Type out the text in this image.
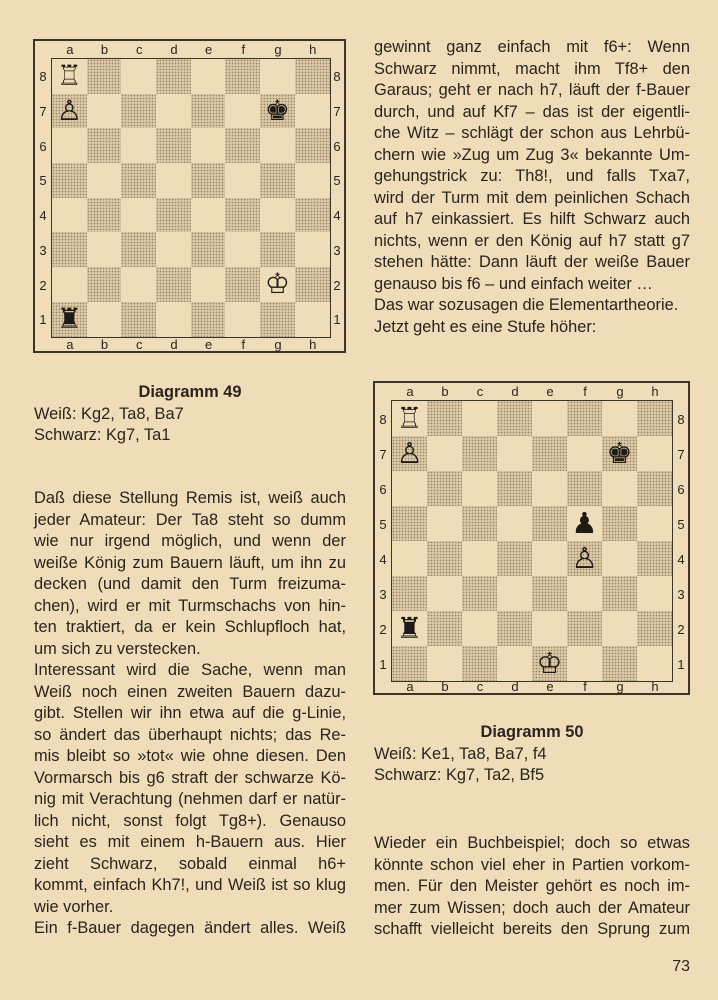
Diagramm 49
Weiß: Kg2, Ta8, Ba7
Schwarz: Kg7, Ta1
Diagramm 50
Weiß: Ke1, Ta8, Ba7, f4
Schwarz: Kg7, Ta2, Bf5
gewinnt ganz einfach mit f6+: Wenn
Schwarz nimmt, macht ihm Tf8+ den
Garaus; geht er nach h7, läuft der f-Bauer
durch, und auf Kf7 – das ist der eigentli-
che Witz – schlägt der schon aus Lehrbü-
chern wie »Zug um Zug 3« bekannte Um-
gehungstrick zu: Th8!, und falls Txa7,
wird der Turm mit dem peinlichen Schach
auf h7 einkassiert. Es hilft Schwarz auch
nichts, wenn er den König auf h7 statt g7
stehen hätte: Dann läuft der weiße Bauer
genauso bis f6 – und einfach weiter …
Das war sozusagen die Elementartheorie.
Jetzt geht es eine Stufe höher:
Daß diese Stellung Remis ist, weiß auch
jeder Amateur: Der Ta8 steht so dumm
wie nur irgend möglich, und wenn der
weiße König zum Bauern läuft, um ihn zu
decken (und damit den Turm freizuma-
chen), wird er mit Turmschachs von hin-
ten traktiert, da er kein Schlupfloch hat,
um sich zu verstecken.
Interessant wird die Sache, wenn man
Weiß noch einen zweiten Bauern dazu-
gibt. Stellen wir ihn etwa auf die g-Linie,
so ändert das überhaupt nichts; das Re-
mis bleibt so »tot« wie ohne diesen. Den
Vormarsch bis g6 straft der schwarze Kö-
nig mit Verachtung (nehmen darf er natür-
lich nicht, sonst folgt Tg8+). Genauso
sieht es mit einem h-Bauern aus. Hier
zieht Schwarz, sobald einmal h6+
kommt, einfach Kh7!, und Weiß ist so klug
wie vorher.
Ein f-Bauer dagegen ändert alles. Weiß
Wieder ein Buchbeispiel; doch so etwas
könnte schon viel eher in Partien vorkom-
men. Für den Meister gehört es noch im-
mer zum Wissen; doch auch der Amateur
schafft vielleicht bereits den Sprung zum
73
♖
♙	♚
♔
♜
a
a
b
b
c
c
d
d
e
e
f
f
g
g
h
h
8	8
7	7
6	6
5	5
4	4
3	3
2	2
1	1
♖
♙	♚
♟
♙
♜
♔
a
a
b
b
c
c
d
d
e
e
f
f
g
g
h
h
8	8
7	7
6	6
5	5
4	4
3	3
2	2
1	1
